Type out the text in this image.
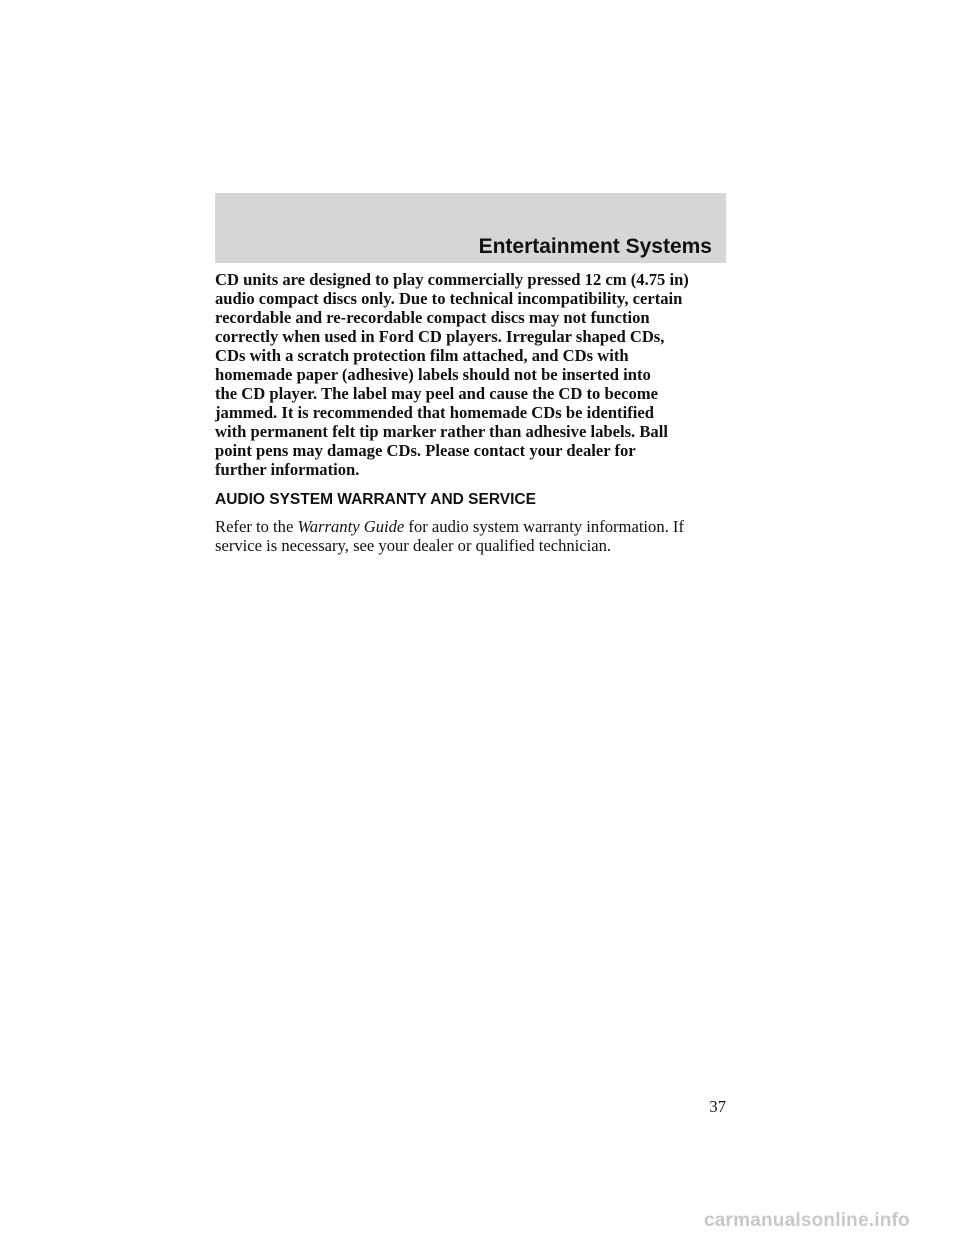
Entertainment Systems

CD units are designed to play commercially pressed 12 cm (4.75 in)
audio compact discs only. Due to technical incompatibility, certain
recordable and re-recordable compact discs may not function
correctly when used in Ford CD players. Irregular shaped CDs,
CDs with a scratch protection film attached, and CDs with
homemade paper (adhesive) labels should not be inserted into
the CD player. The label may peel and cause the CD to become
jammed. It is recommended that homemade CDs be identified
with permanent felt tip marker rather than adhesive labels. Ball
point pens may damage CDs. Please contact your dealer for
further information.

AUDIO SYSTEM WARRANTY AND SERVICE

Refer to the Warranty Guide for audio system warranty information. If
service is necessary, see your dealer or qualified technician.

37
carmanualsonline.info
